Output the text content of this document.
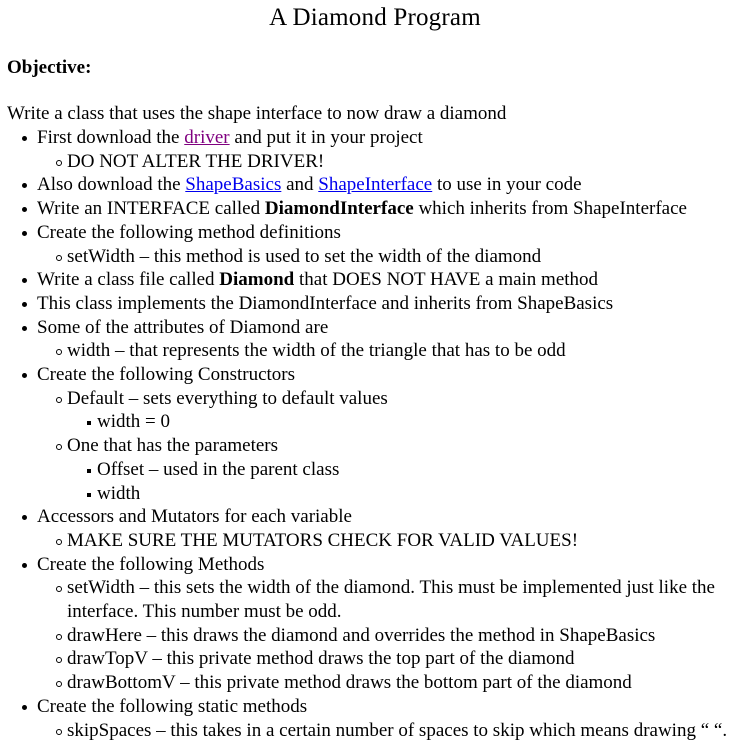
A Diamond Program

Objective:

Write a class that uses the shape interface to now draw a diamond

First download the driver and put it in your project
DO NOT ALTER THE DRIVER!
Also download the ShapeBasics and ShapeInterface to use in your code
Write an INTERFACE called DiamondInterface which inherits from ShapeInterface
Create the following method definitions
setWidth – this method is used to set the width of the diamond
Write a class file called Diamond that DOES NOT HAVE a main method
This class implements the DiamondInterface and inherits from ShapeBasics
Some of the attributes of Diamond are
width – that represents the width of the triangle that has to be odd
Create the following Constructors
Default – sets everything to default values
width = 0
One that has the parameters
Offset – used in the parent class
width
Accessors and Mutators for each variable
MAKE SURE THE MUTATORS CHECK FOR VALID VALUES!
Create the following Methods
setWidth – this sets the width of the diamond. This must be implemented just like the interface. This number must be odd.
drawHere – this draws the diamond and overrides the method in ShapeBasics
drawTopV – this private method draws the top part of the diamond
drawBottomV – this private method draws the bottom part of the diamond
Create the following static methods
skipSpaces – this takes in a certain number of spaces to skip which means drawing “ “.
